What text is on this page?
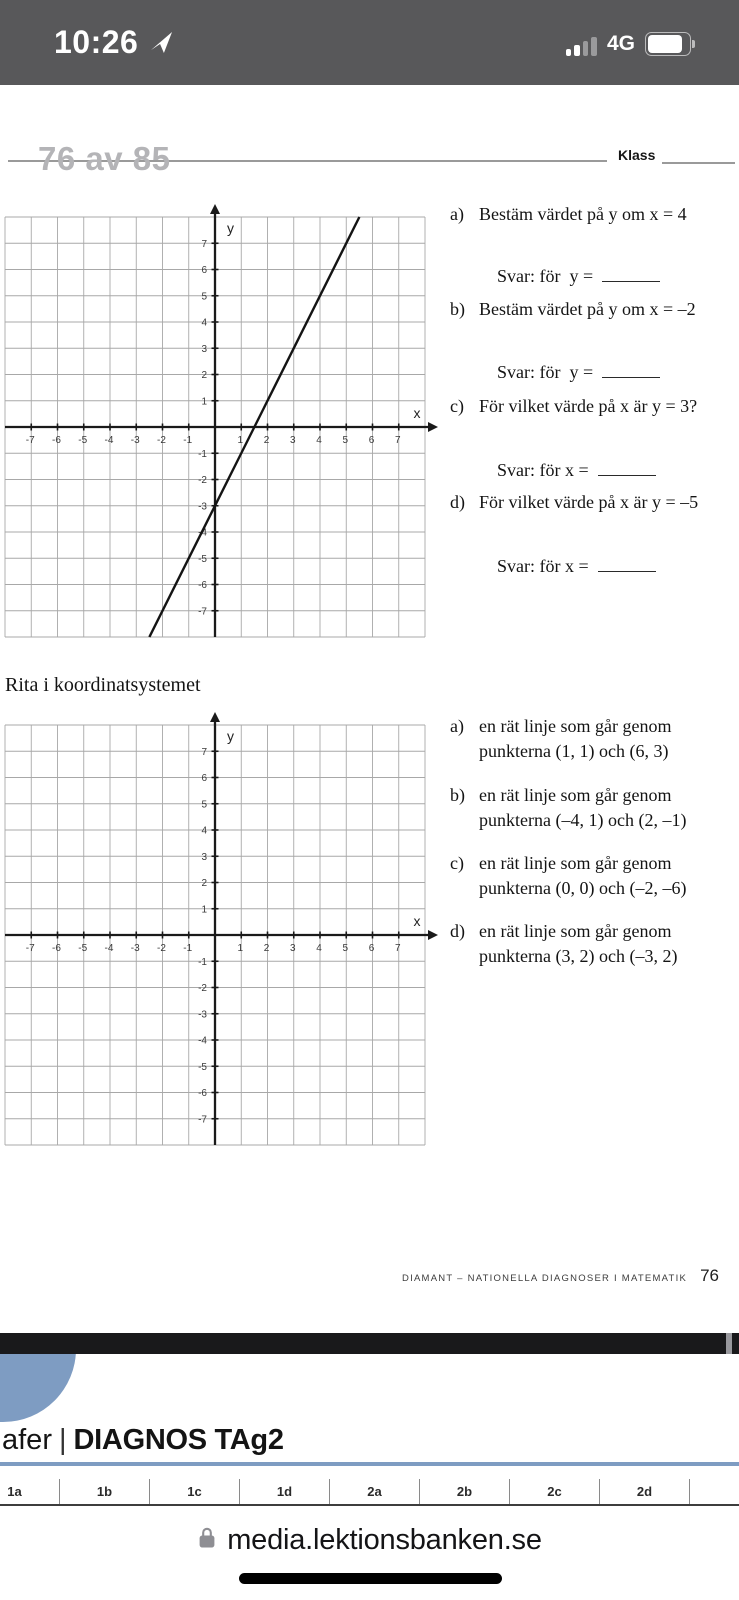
10:26	4G
76 av 85	Klass
-7
-7
-6
-6
-5
-5
-4
-4
-3
-3
-2
-2
-1
-1
1
1
2
2
3
3
4
4
5
5
6
6
7
7
x
y
a) Bestäm värdet på y om x = 4

Svar: för  y =

b) Bestäm värdet på y om x = –2

Svar: för  y =

c) För vilket värde på x är y = 3?

Svar: för x =

d) För vilket värde på x är y = –5

Svar: för x =

Rita i koordinatsystemet
-7
-7
-6
-6
-5
-5
-4
-4
-3
-3
-2
-2
-1
-1
1
1
2
2
3
3
4
4
5
5
6
6
7
7
x
y	a) en rät linje som går genom
punkterna (1, 1) och (6, 3)
b) en rät linje som går genom
punkterna (–4, 1) och (2, –1)
c) en rät linje som går genom
punkterna (0, 0) och (–2, –6)
d) en rät linje som går genom
punkterna (3, 2) och (–3, 2)
DIAMANT – NATIONELLA DIAGNOSER I MATEMATIK 76
afer | DIAGNOS TAg2
1a	1b	1c	1d	2a	2b	2c	2d
media.lektionsbanken.se
